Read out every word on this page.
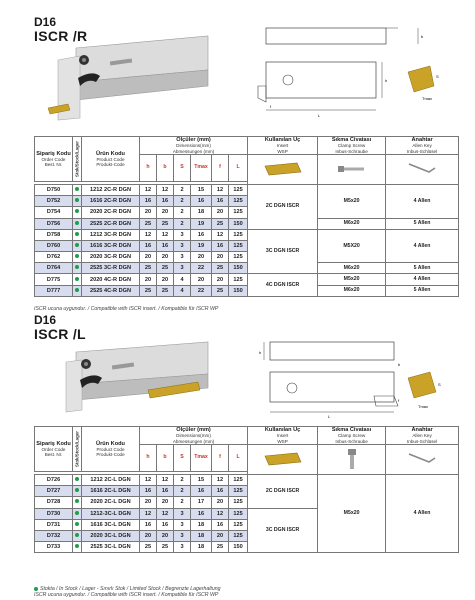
D16
ISCR /R	b
h
L
f
Tmax
S
Sipariş Kodu
Order Code
Best. Nr.	Stok/Stock/Lager	Ürün Kodu
Product Code
Produkt-Code	Ölçüler (mm)
Dimensions(mm)
Abmessungen (mm)						Kullanılan Uç
Insert
WSP	Sıkma Civatası
Clamp Screw
Inbus-Schraube	Anahtar
Allen Key
Inbus-Schlüsel
			h	b	S	Tmax	f	L			

D750		1212 2C-R DGN	12	12	2	15	12	125	2C DGN ISCR	M5x20	4 Allen
D752		1616 2C-R DGN	16	16	2	16	16	125			
D754		2020 2C-R DGN	20	20	2	18	20	125			
D756		2525 2C-R DGN	25	25	2	19	25	150		M6x20	5 Allen
D758		1212 3C-R DGN	12	12	3	16	12	125	3C DGN ISCR	M5X20	4 Allen
D760		1616 3C-R DGN	16	16	3	19	16	125			
D762		2020 3C-R DGN	20	20	3	20	20	125			
D764		2525 3C-R DGN	25	25	3	22	25	150		M6x20	5 Allen
D775		2020 4C-R DGN	20	20	4	20	20	125	4C DGN ISCR	M5x20	4 Allen
D777		2525 4C-R DGN	25	25	4	22	25	150		M6x20	5 Allen
ISCR ucuna uygundur. / Compatible with ISCR insert. / Kompatible für ISCR WP
D16
ISCR /L
h
L
Tmax
S
b
f
Sipariş Kodu
Order Code
Best. Nr.	Stok/Stock/Lager	Ürün Kodu
Product Code
Produkt-Code	Ölçüler (mm)
Dimensions(mm)
Abmessungen (mm)						Kullanılan Uç
Insert
WSP	Sıkma Civatası
Clamp Screw
Inbus-Schraube	Anahtar
Allen Key
Inbus-Schlüsel
			h	b	S	Tmax	f	L			

D726		1212 2C-L DGN	12	12	2	15	12	125	2C DGN ISCR	M5x20	4 Allen
D727		1616 2C-L DGN	16	16	2	16	16	125			
D728		2020 2C-L DGN	20	20	2	17	20	125			
D730		1212-3C-L DGN	12	12	3	16	12	125	3C DGN ISCR		
D731		1616 3C-L DGN	16	16	3	18	16	125			
D732		2020 3C-L DGN	20	20	3	18	20	125			
D733		2525 3C-L DGN	25	25	3	18	25	150			
Stokta / In Stock / Lager - Sınırlı Stok / Limited Stock / Begrenzte Lagerhaltung
ISCR ucuna uygundur. / Compatible with ISCR insert. / Kompatible für ISCR WP
